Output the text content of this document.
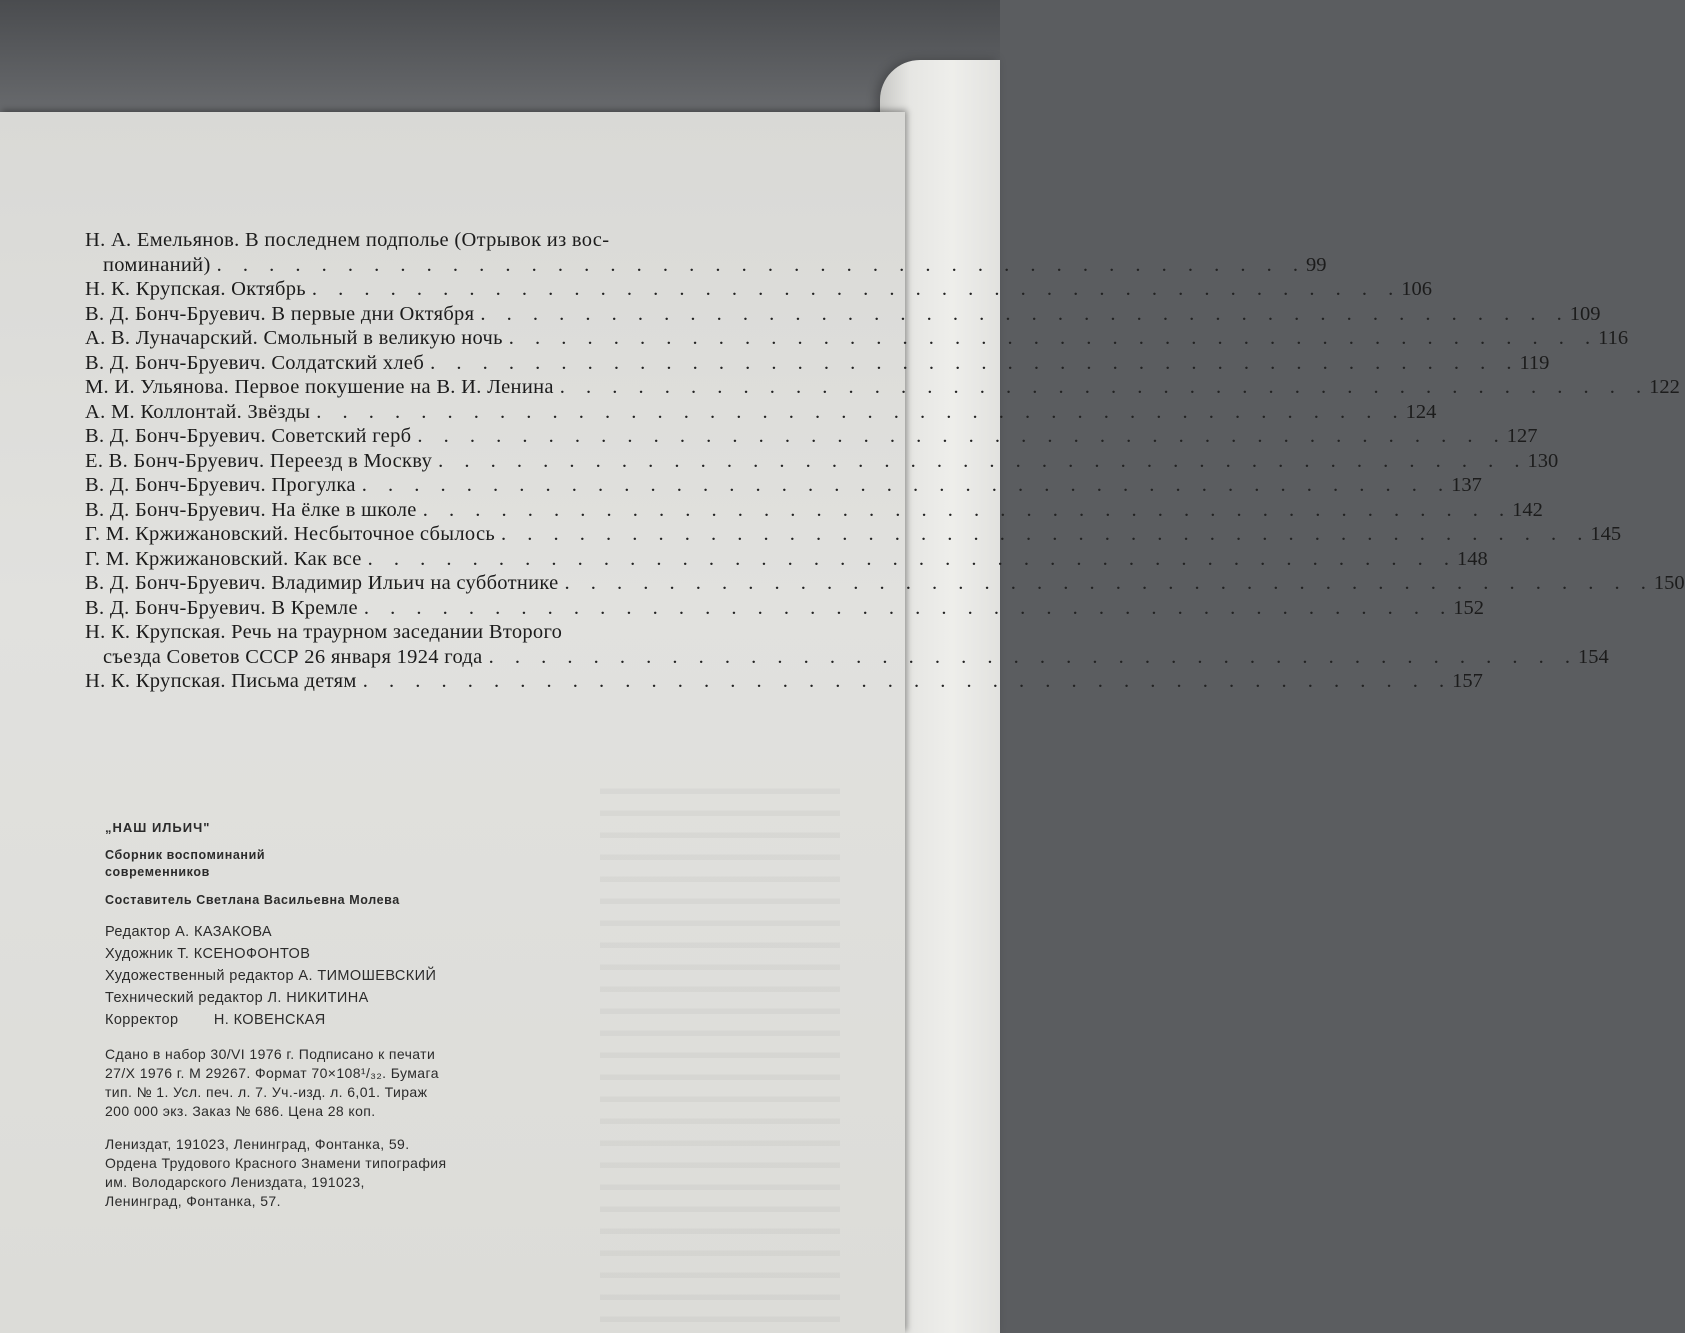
Н. А. Емельянов. В последнем подполье (Отрывок из вос-
поминаний) . . . . . . . . . . . . . . . . . . . . . . . . . . . . . . . . . . . . . . . . . . 99
Н. К. Крупская. Октябрь . . . . . . . . . . . . . . . . . . . . . . . . . . . . . . . . . . . . . . . . . . 106
В. Д. Бонч-Бруевич. В первые дни Октября . . . . . . . . . . . . . . . . . . . . . . . . . . . . . . . . . . . . . . . . . . 109
А. В. Луначарский. Смольный в великую ночь . . . . . . . . . . . . . . . . . . . . . . . . . . . . . . . . . . . . . . . . . . 116
В. Д. Бонч-Бруевич. Солдатский хлеб . . . . . . . . . . . . . . . . . . . . . . . . . . . . . . . . . . . . . . . . . . 119
М. И. Ульянова. Первое покушение на В. И. Ленина . . . . . . . . . . . . . . . . . . . . . . . . . . . . . . . . . . . . . . . . . . 122
А. М. Коллонтай. Звёзды . . . . . . . . . . . . . . . . . . . . . . . . . . . . . . . . . . . . . . . . . . 124
В. Д. Бонч-Бруевич. Советский герб . . . . . . . . . . . . . . . . . . . . . . . . . . . . . . . . . . . . . . . . . . 127
Е. В. Бонч-Бруевич. Переезд в Москву . . . . . . . . . . . . . . . . . . . . . . . . . . . . . . . . . . . . . . . . . . 130
В. Д. Бонч-Бруевич. Прогулка . . . . . . . . . . . . . . . . . . . . . . . . . . . . . . . . . . . . . . . . . . 137
В. Д. Бонч-Бруевич. На ёлке в школе . . . . . . . . . . . . . . . . . . . . . . . . . . . . . . . . . . . . . . . . . . 142
Г. М. Кржижановский. Несбыточное сбылось . . . . . . . . . . . . . . . . . . . . . . . . . . . . . . . . . . . . . . . . . . 145
Г. М. Кржижановский. Как все . . . . . . . . . . . . . . . . . . . . . . . . . . . . . . . . . . . . . . . . . . 148
В. Д. Бонч-Бруевич. Владимир Ильич на субботнике . . . . . . . . . . . . . . . . . . . . . . . . . . . . . . . . . . . . . . . . . . 150
В. Д. Бонч-Бруевич. В Кремле . . . . . . . . . . . . . . . . . . . . . . . . . . . . . . . . . . . . . . . . . . 152
Н. К. Крупская. Речь на траурном заседании Второго
съезда Советов СССР 26 января 1924 года . . . . . . . . . . . . . . . . . . . . . . . . . . . . . . . . . . . . . . . . . . 154
Н. К. Крупская. Письма детям . . . . . . . . . . . . . . . . . . . . . . . . . . . . . . . . . . . . . . . . . . 157
„НАШ ИЛЬИЧ"
Сборник воспоминаний
современников
Составитель Светлана Васильевна Молева
Редактор А. КАЗАКОВА
Художник Т. КСЕНОФОНТОВ
Художественный редактор А. ТИМОШЕВСКИЙ
Технический редактор Л. НИКИТИНА
Корректор Н. КОВЕНСКАЯ
Сдано в набор 30/VI 1976 г. Подписано к печати
27/X 1976 г. М 29267. Формат 70×108¹/₃₂. Бумага
тип. № 1. Усл. печ. л. 7. Уч.-изд. л. 6,01. Тираж
200 000 экз. Заказ № 686. Цена 28 коп.
Лениздат, 191023, Ленинград, Фонтанка, 59.
Ордена Трудового Красного Знамени типография
им. Володарского Лениздата, 191023,
Ленинград, Фонтанка, 57.
